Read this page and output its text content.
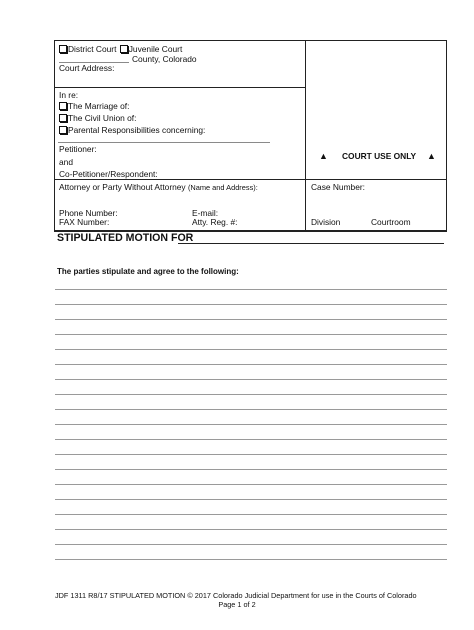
District Court Juvenile Court
County, Colorado
Court Address:
In re:
The Marriage of:
The Civil Union of:
Parental Responsibilities concerning:
Petitioner:
and
Co-Petitioner/Respondent:
Attorney or Party Without Attorney (Name and Address):
Phone Number:
FAX Number:
E-mail:
Atty. Reg. #:
▲ COURT USE ONLY ▲
Case Number:
Division	Courtroom
STIPULATED MOTION FOR
The parties stipulate and agree to the following:
JDF 1311 R8/17 STIPULATED MOTION © 2017 Colorado Judicial Department for use in the Courts of Colorado
Page 1 of 2
